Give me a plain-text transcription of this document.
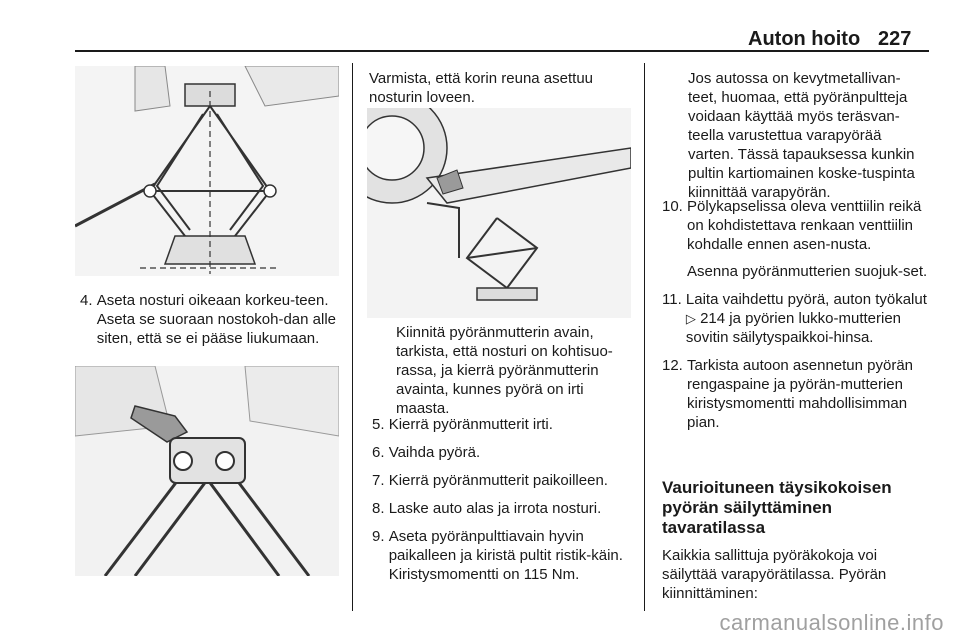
Auton hoito 227
4. Aseta nosturi oikeaan korkeu-teen. Aseta se suoraan nostokoh-dan alle siten, että se ei pääse liukumaan.
Varmista, että korin reuna asettuu nosturin loveen.
Kiinnitä pyöränmutterin avain, tarkista, että nosturi on kohtisuo-rassa, ja kierrä pyöränmutterin avainta, kunnes pyörä on irti maasta.
5. Kierrä pyöränmutterit irti.
6. Vaihda pyörä.
7. Kierrä pyöränmutterit paikoilleen.
8. Laske auto alas ja irrota nosturi.
9. Aseta pyöränpulttiavain hyvin paikalleen ja kiristä pultit ristik-käin. Kiristysmomentti on 115 Nm.
Jos autossa on kevytmetallivan-teet, huomaa, että pyöränpultteja voidaan käyttää myös teräsvan-teella varustettua varapyörää varten. Tässä tapauksessa kunkin pultin kartiomainen koske-tuspinta kiinnittää varapyörän.
10. Pölykapselissa oleva venttiilin reikä on kohdistettava renkaan venttiilin kohdalle ennen asen-nusta.
Asenna pyöränmutterien suojuk-set.
11. Laita vaihdettu pyörä, auton työkalut ▷ 214 ja pyörien lukko-mutterien sovitin säilytyspaikkoi-hinsa.
12. Tarkista autoon asennetun pyörän rengaspaine ja pyörän-mutterien kiristysmomentti mahdollisimman pian.
Vaurioituneen täysikokoisen pyörän säilyttäminen tavaratilassa
Kaikkia sallittuja pyöräkokoja voi säilyttää varapyörätilassa. Pyörän kiinnittäminen:
carmanualsonline.info
